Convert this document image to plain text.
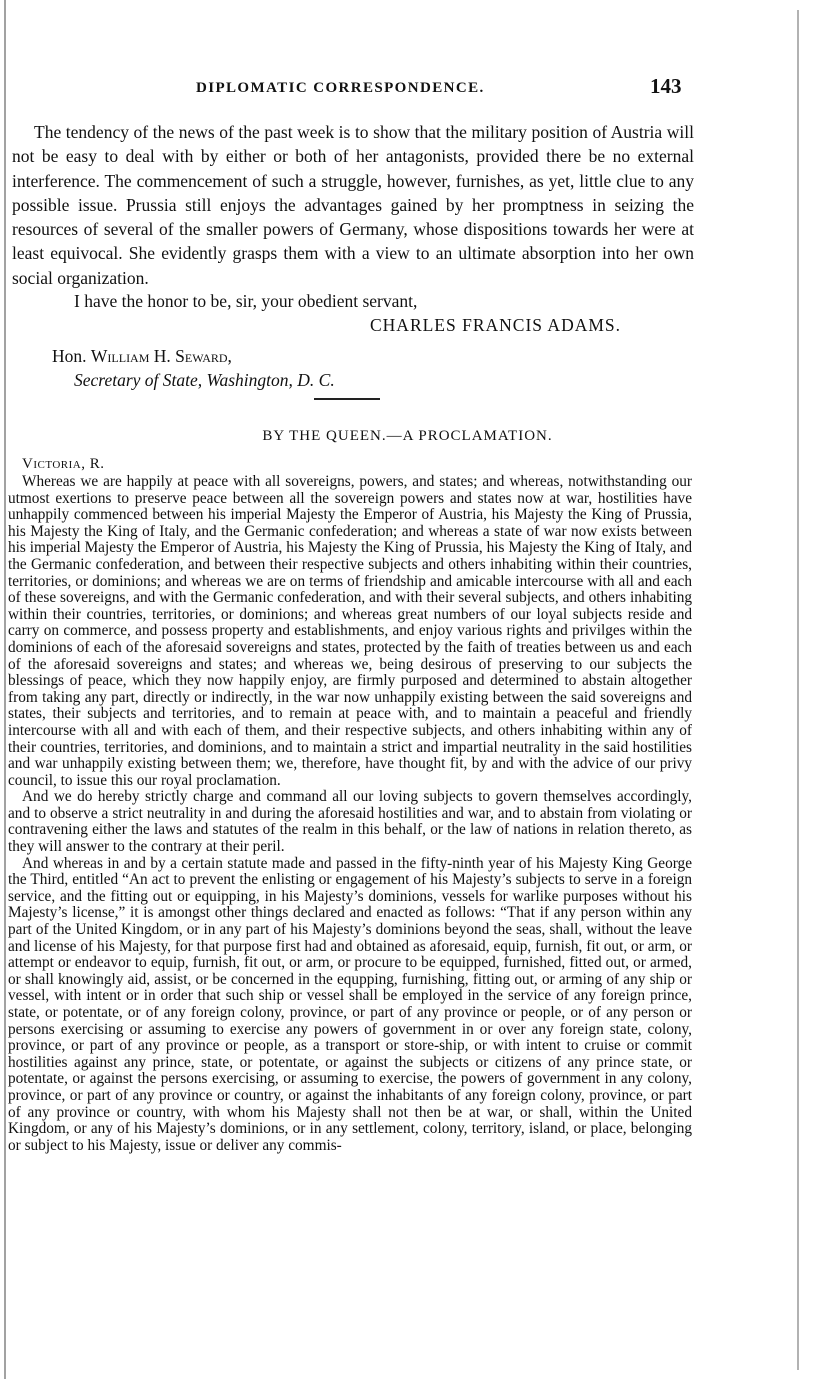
DIPLOMATIC CORRESPONDENCE.	143

The tendency of the news of the past week is to show that the military position of Austria will not be easy to deal with by either or both of her antagonists, provided there be no external interference. The commencement of such a struggle, however, furnishes, as yet, little clue to any possible issue. Prussia still enjoys the advantages gained by her promptness in seizing the resources of several of the smaller powers of Germany, whose dispositions towards her were at least equivocal. She evidently grasps them with a view to an ultimate absorption into her own social organization.

I have the honor to be, sir, your obedient servant,

CHARLES FRANCIS ADAMS.

Hon. William H. Seward,

Secretary of State, Washington, D. C.

BY THE QUEEN.—A PROCLAMATION.
Victoria, R.

Whereas we are happily at peace with all sovereigns, powers, and states; and whereas, notwithstanding our utmost exertions to preserve peace between all the sovereign powers and states now at war, hostilities have unhappily commenced between his imperial Majesty the Emperor of Austria, his Majesty the King of Prussia, his Majesty the King of Italy, and the Germanic confederation; and whereas a state of war now exists between his imperial Majesty the Emperor of Austria, his Majesty the King of Prussia, his Majesty the King of Italy, and the Germanic confederation, and between their respective subjects and others inhabiting within their countries, territories, or dominions; and whereas we are on terms of friendship and amicable intercourse with all and each of these sovereigns, and with the Germanic confederation, and with their several subjects, and others inhabiting within their countries, territories, or dominions; and whereas great numbers of our loyal subjects reside and carry on commerce, and possess property and establishments, and enjoy various rights and privilges within the dominions of each of the aforesaid sovereigns and states, protected by the faith of treaties between us and each of the aforesaid sovereigns and states; and whereas we, being desirous of preserving to our subjects the blessings of peace, which they now happily enjoy, are firmly purposed and determined to abstain altogether from taking any part, directly or indirectly, in the war now unhappily existing between the said sovereigns and states, their subjects and territories, and to remain at peace with, and to maintain a peaceful and friendly intercourse with all and with each of them, and their respective subjects, and others inhabiting within any of their countries, territories, and dominions, and to maintain a strict and impartial neutrality in the said hostilities and war unhappily existing between them; we, therefore, have thought fit, by and with the advice of our privy council, to issue this our royal proclamation.

And we do hereby strictly charge and command all our loving subjects to govern themselves accordingly, and to observe a strict neutrality in and during the aforesaid hostilities and war, and to abstain from violating or contravening either the laws and statutes of the realm in this behalf, or the law of nations in relation thereto, as they will answer to the contrary at their peril.

And whereas in and by a certain statute made and passed in the fifty-ninth year of his Majesty King George the Third, entitled “An act to prevent the enlisting or engagement of his Majesty’s subjects to serve in a foreign service, and the fitting out or equipping, in his Majesty’s dominions, vessels for warlike purposes without his Majesty’s license,” it is amongst other things declared and enacted as follows: “That if any person within any part of the United Kingdom, or in any part of his Majesty’s dominions beyond the seas, shall, without the leave and license of his Majesty, for that purpose first had and obtained as aforesaid, equip, furnish, fit out, or arm, or attempt or endeavor to equip, furnish, fit out, or arm, or procure to be equipped, furnished, fitted out, or armed, or shall knowingly aid, assist, or be concerned in the equpping, furnishing, fitting out, or arming of any ship or vessel, with intent or in order that such ship or vessel shall be employed in the service of any foreign prince, state, or potentate, or of any foreign colony, province, or part of any province or people, or of any person or persons exercising or assuming to exercise any powers of government in or over any foreign state, colony, province, or part of any province or people, as a transport or store-ship, or with intent to cruise or commit hostilities against any prince, state, or potentate, or against the subjects or citizens of any prince state, or potentate, or against the persons exercising, or assuming to exercise, the powers of government in any colony, province, or part of any province or country, or against the inhabitants of any foreign colony, province, or part of any province or country, with whom his Majesty shall not then be at war, or shall, within the United Kingdom, or any of his Majesty’s dominions, or in any settlement, colony, territory, island, or place, belonging or subject to his Majesty, issue or deliver any commis-
